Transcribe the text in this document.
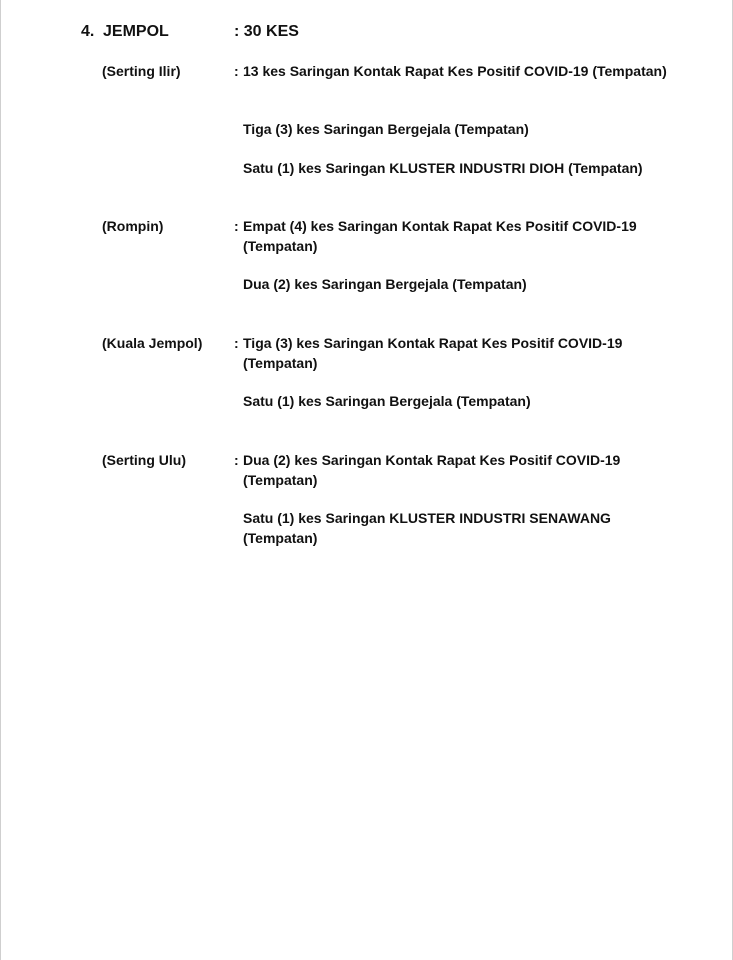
4. JEMPOL	: 30 KES
(Serting Ilir)	: 13 kes Saringan Kontak Rapat Kes Positif COVID-19 (Tempatan)
Tiga (3) kes Saringan Bergejala (Tempatan)
Satu (1) kes Saringan KLUSTER INDUSTRI DIOH (Tempatan)
(Rompin)	: Empat (4) kes Saringan Kontak Rapat Kes Positif COVID-19 (Tempatan)
Dua (2) kes Saringan Bergejala (Tempatan)
(Kuala Jempol) : Tiga (3) kes Saringan Kontak Rapat Kes Positif COVID-19 (Tempatan)
Satu (1) kes Saringan Bergejala (Tempatan)
(Serting Ulu)	: Dua (2) kes Saringan Kontak Rapat Kes Positif COVID-19 (Tempatan)
Satu (1) kes Saringan KLUSTER INDUSTRI SENAWANG (Tempatan)
